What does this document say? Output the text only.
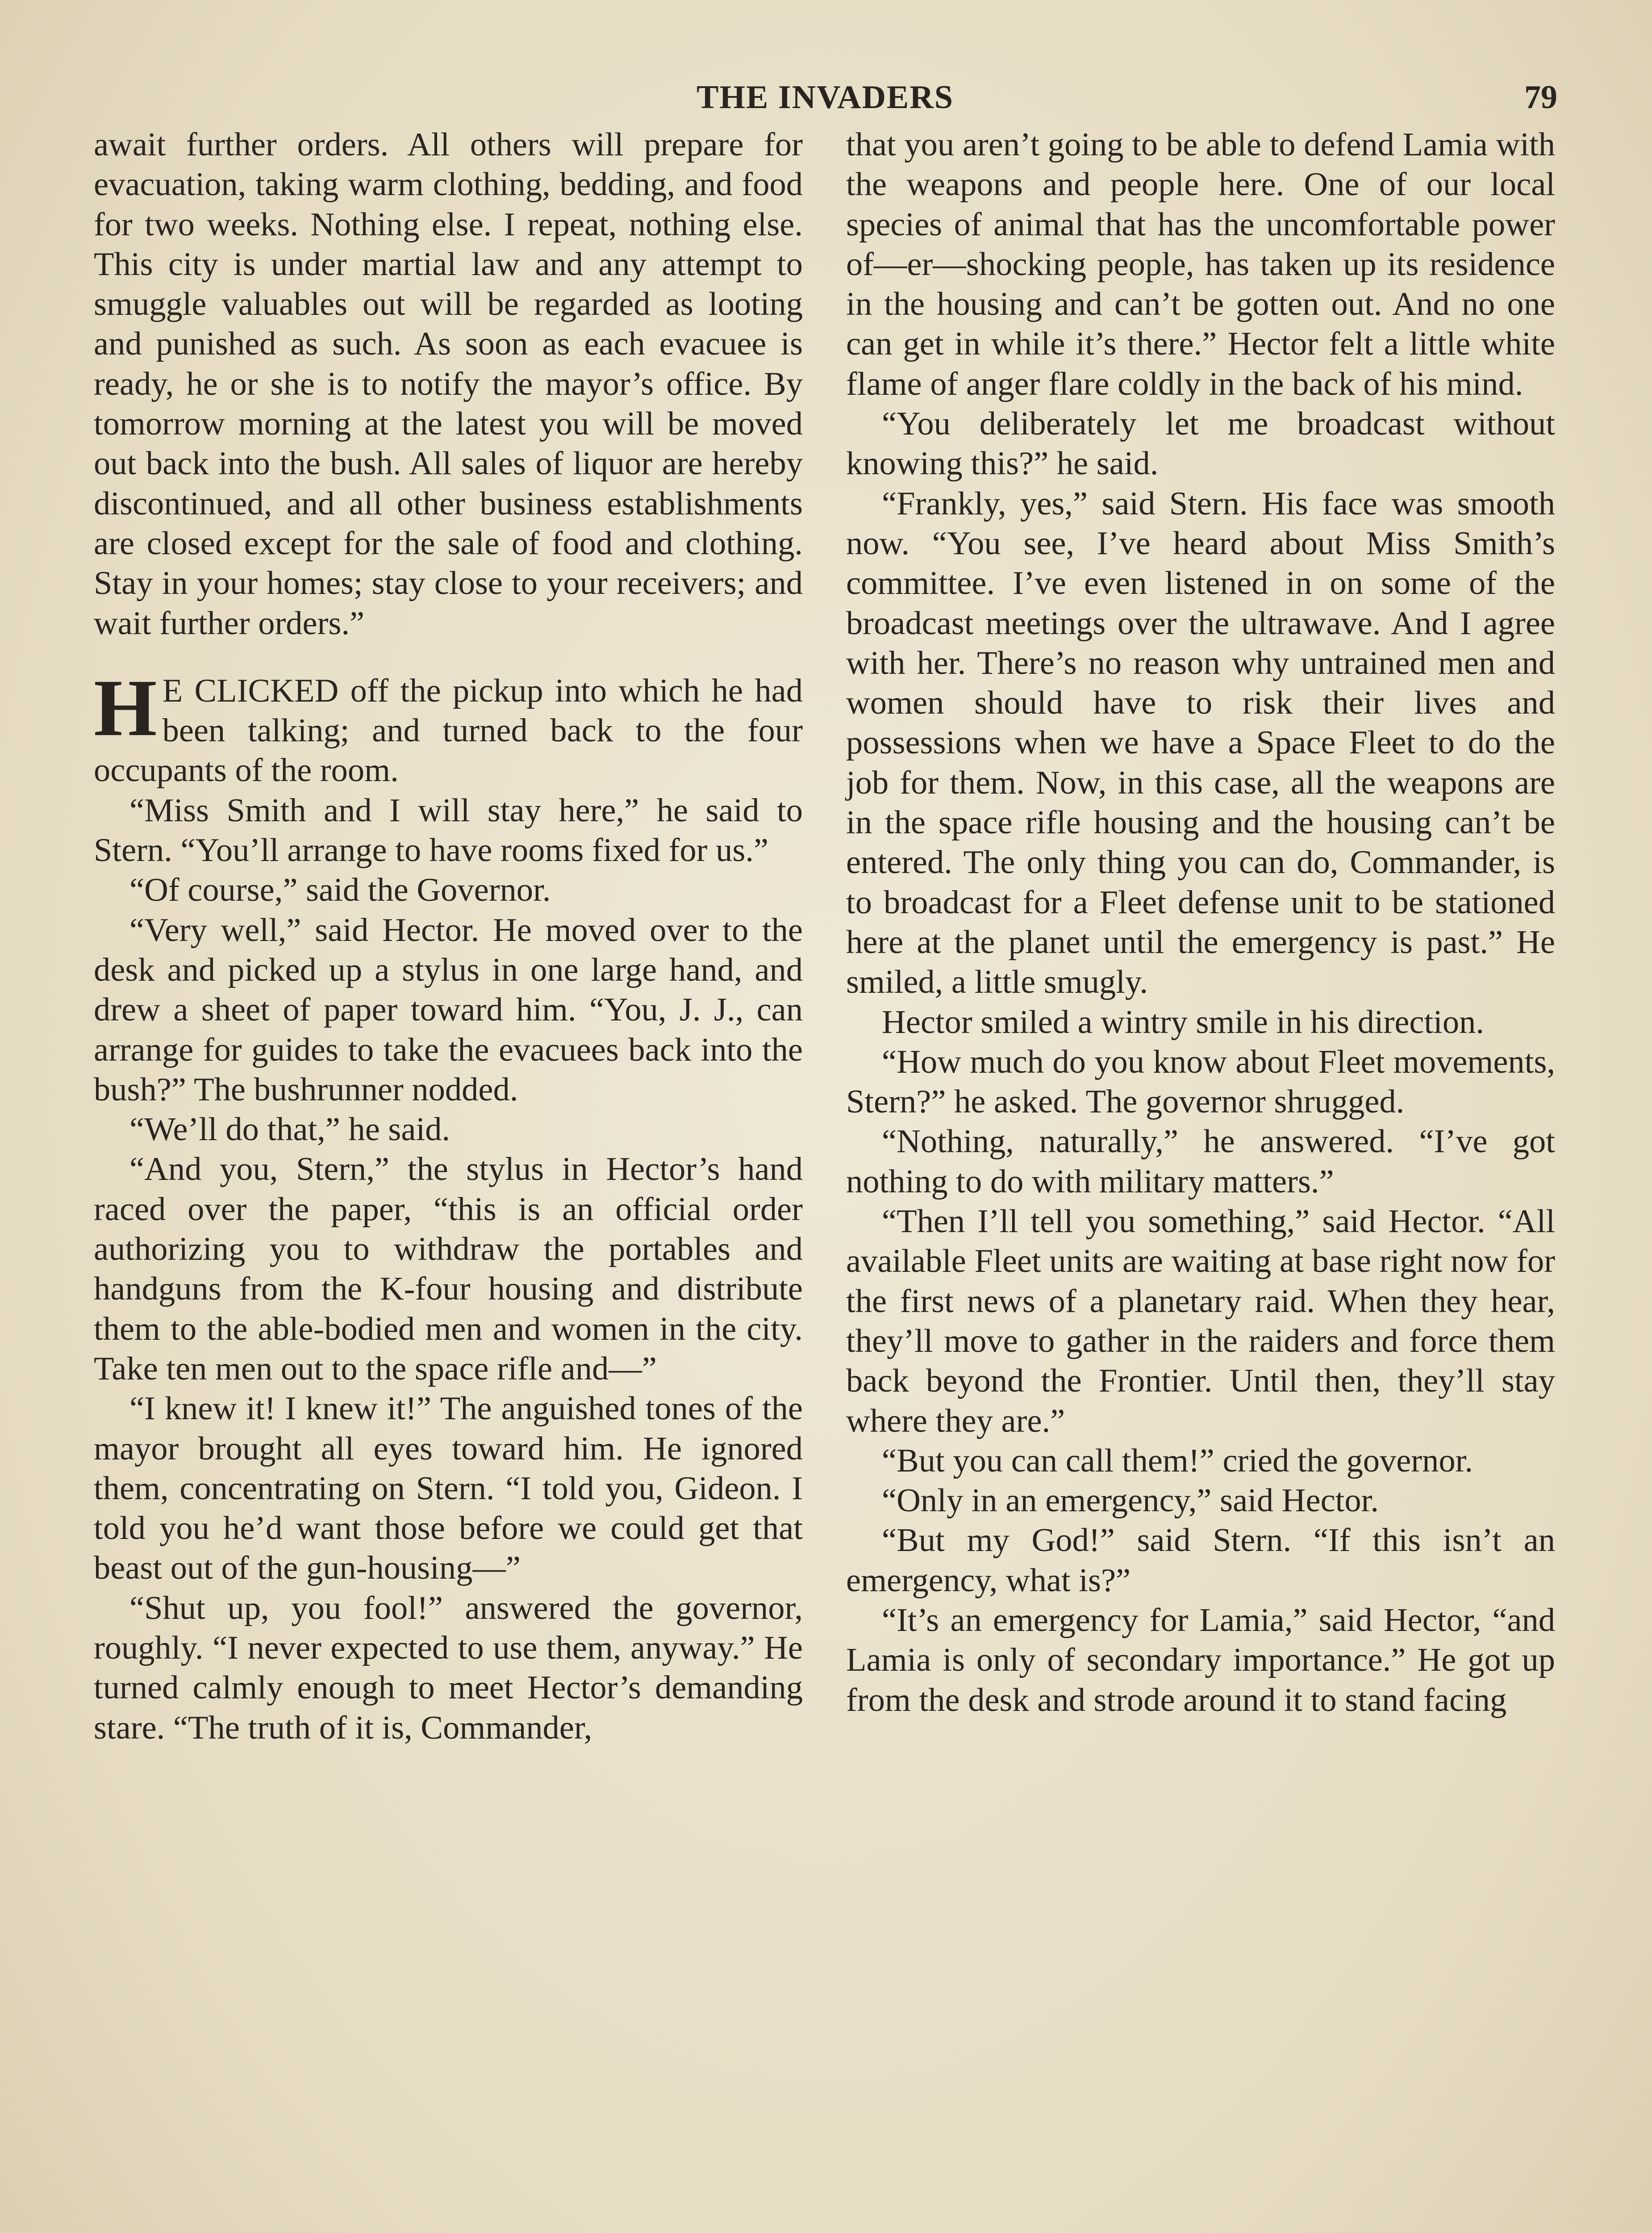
THE INVADERS	79

await further orders. All others will prepare for evacuation, taking warm clothing, bedding, and food for two weeks. Nothing else. I repeat, nothing else. This city is under martial law and any attempt to smuggle valuables out will be regarded as looting and punished as such. As soon as each evacuee is ready, he or she is to notify the mayor’s office. By tomorrow morning at the latest you will be moved out back into the bush. All sales of liquor are hereby discontinued, and all other business establishments are closed except for the sale of food and clothing. Stay in your homes; stay close to your receivers; and wait further orders.”

H E CLICKED off the pickup into which he had been talking; and turned back to the four occupants of the room.

“Miss Smith and I will stay here,” he said to Stern. “You’ll arrange to have rooms fixed for us.”

“Of course,” said the Governor.

“Very well,” said Hector. He moved over to the desk and picked up a stylus in one large hand, and drew a sheet of paper toward him. “You, J. J., can arrange for guides to take the evacuees back into the bush?” The bushrunner nodded.

“We’ll do that,” he said.

“And you, Stern,” the stylus in Hector’s hand raced over the paper, “this is an official order authorizing you to withdraw the portables and handguns from the K-four housing and distribute them to the able-bodied men and women in the city. Take ten men out to the space rifle and—”

“I knew it! I knew it!” The anguished tones of the mayor brought all eyes toward him. He ignored them, concentrating on Stern. “I told you, Gideon. I told you he’d want those before we could get that beast out of the gun-housing—”

“Shut up, you fool!” answered the governor, roughly. “I never expected to use them, anyway.” He turned calmly enough to meet Hector’s demanding stare. “The truth of it is, Commander,

that you aren’t going to be able to defend Lamia with the weapons and people here. One of our local species of animal that has the uncomfortable power of—er—shocking people, has taken up its residence in the housing and can’t be gotten out. And no one can get in while it’s there.” Hector felt a little white flame of anger flare coldly in the back of his mind.

“You deliberately let me broadcast without knowing this?” he said.

“Frankly, yes,” said Stern. His face was smooth now. “You see, I’ve heard about Miss Smith’s committee. I’ve even listened in on some of the broadcast meetings over the ultrawave. And I agree with her. There’s no reason why untrained men and women should have to risk their lives and possessions when we have a Space Fleet to do the job for them. Now, in this case, all the weapons are in the space rifle housing and the housing can’t be entered. The only thing you can do, Commander, is to broadcast for a Fleet defense unit to be stationed here at the planet until the emergency is past.” He smiled, a little smugly.

Hector smiled a wintry smile in his direction.

“How much do you know about Fleet movements, Stern?” he asked. The governor shrugged.

“Nothing, naturally,” he answered. “I’ve got nothing to do with military matters.”

“Then I’ll tell you something,” said Hector. “All available Fleet units are waiting at base right now for the first news of a planetary raid. When they hear, they’ll move to gather in the raiders and force them back beyond the Frontier. Until then, they’ll stay where they are.”

“But you can call them!” cried the governor.

“Only in an emergency,” said Hector.

“But my God!” said Stern. “If this isn’t an emergency, what is?”

“It’s an emergency for Lamia,” said Hector, “and Lamia is only of secondary importance.” He got up from the desk and strode around it to stand facing
